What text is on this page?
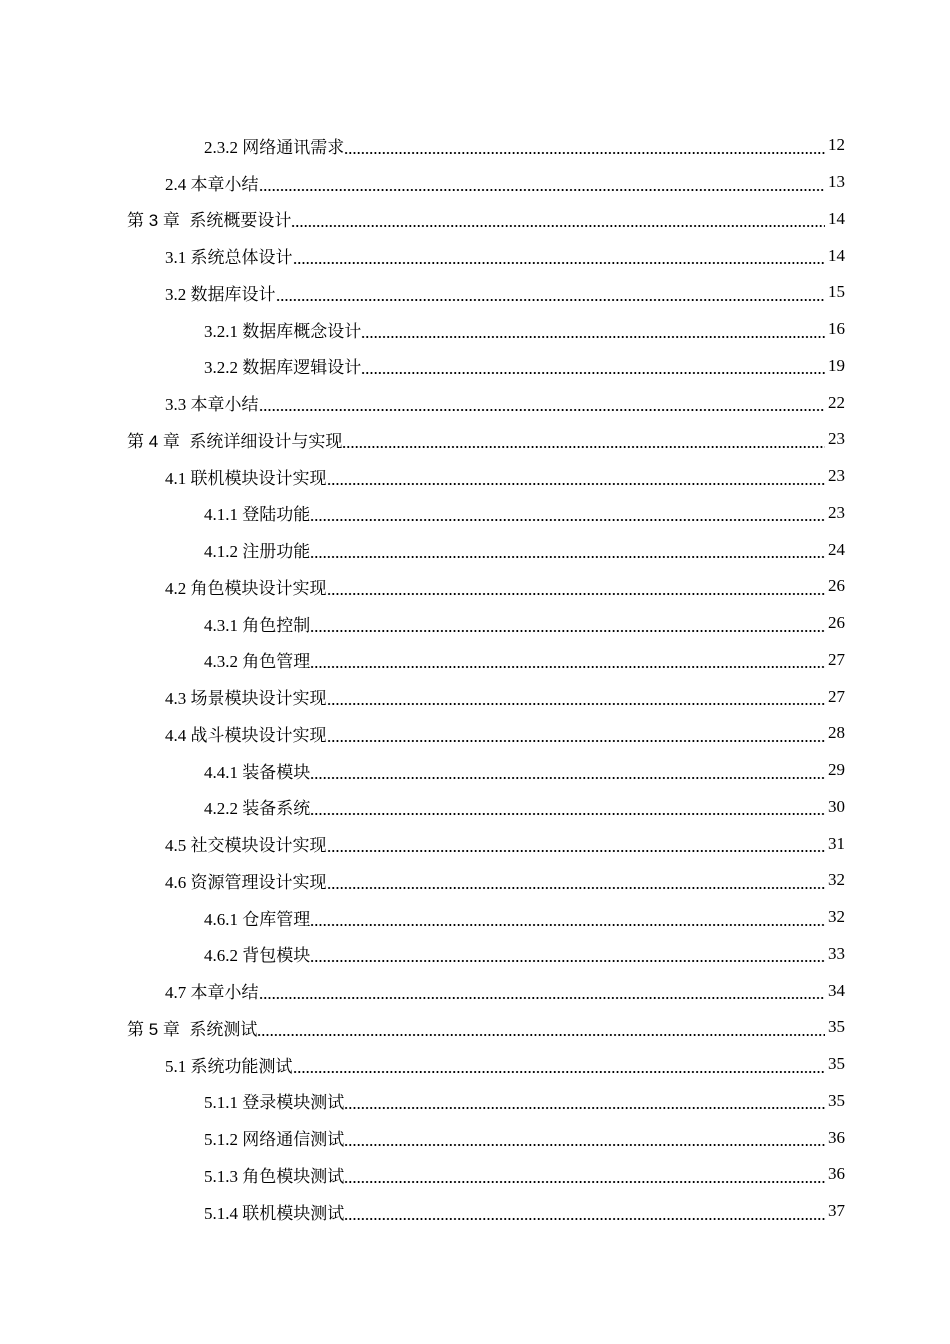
2.3.2 网络通讯需求	12
2.4 本章小结	13
第 3 章  系统概要设计	14
3.1 系统总体设计	14
3.2 数据库设计	15
3.2.1 数据库概念设计	16
3.2.2 数据库逻辑设计	19
3.3 本章小结	22
第 4 章  系统详细设计与实现	23
4.1 联机模块设计实现	23
4.1.1 登陆功能	23
4.1.2 注册功能	24
4.2 角色模块设计实现	26
4.3.1 角色控制	26
4.3.2 角色管理	27
4.3 场景模块设计实现	27
4.4 战斗模块设计实现	28
4.4.1 装备模块	29
4.2.2 装备系统	30
4.5 社交模块设计实现	31
4.6 资源管理设计实现	32
4.6.1 仓库管理	32
4.6.2 背包模块	33
4.7 本章小结	34
第 5 章  系统测试	35
5.1 系统功能测试	35
5.1.1 登录模块测试	35
5.1.2 网络通信测试	36
5.1.3 角色模块测试	36
5.1.4 联机模块测试	37
